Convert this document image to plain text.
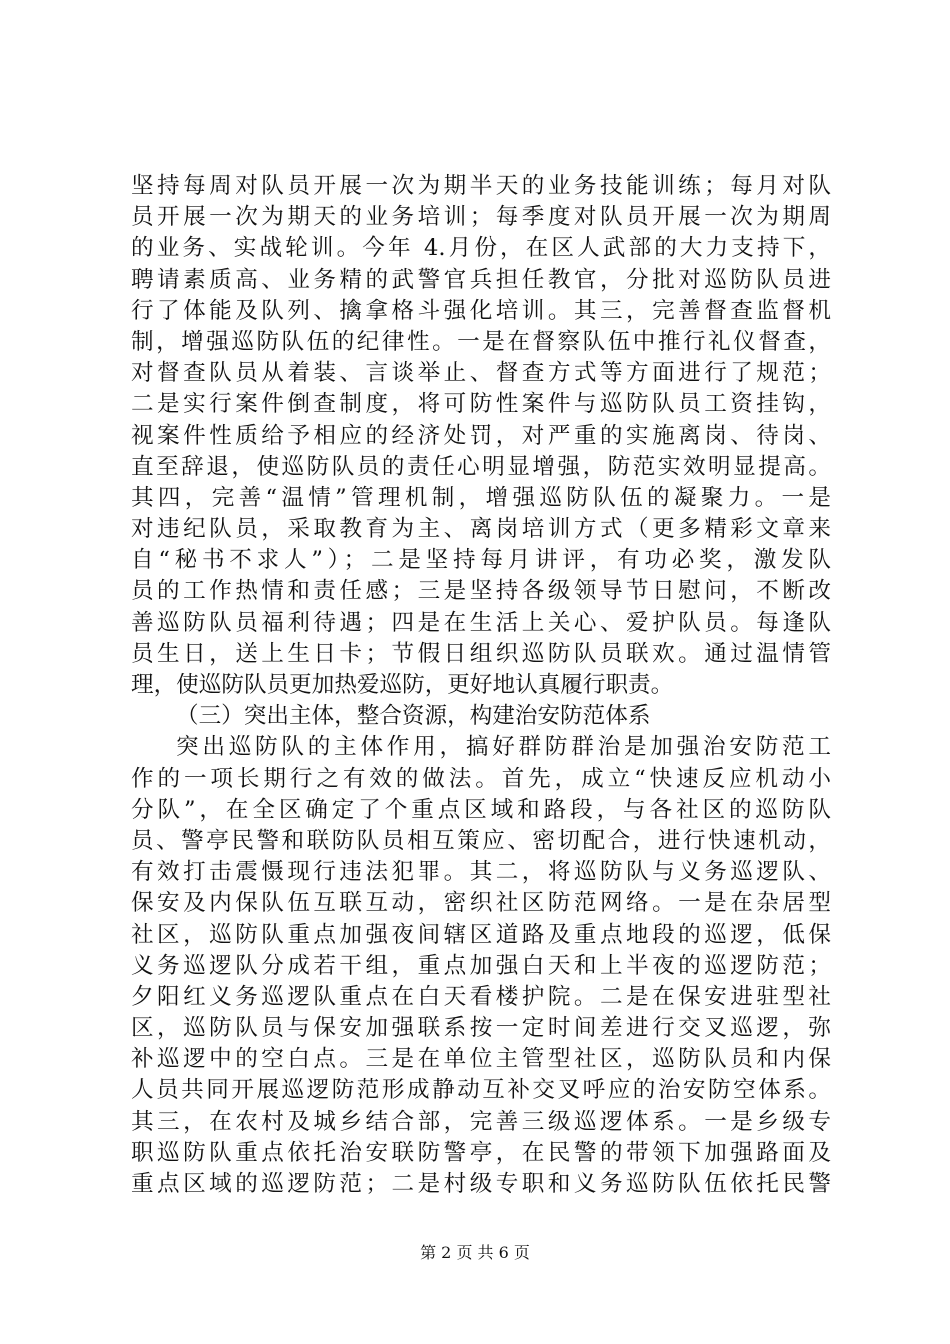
坚持每周对队员开展一次为期半天的业务技能训练；每月对队
员开展一次为期天的业务培训；每季度对队员开展一次为期周
的业务、实战轮训。今年 4.月份，在区人武部的大力支持下，
聘请素质高、业务精的武警官兵担任教官，分批对巡防队员进
行了体能及队列、擒拿格斗强化培训。其三，完善督查监督机
制，增强巡防队伍的纪律性。一是在督察队伍中推行礼仪督查，
对督查队员从着装、言谈举止、督查方式等方面进行了规范；
二是实行案件倒查制度，将可防性案件与巡防队员工资挂钩，
视案件性质给予相应的经济处罚，对严重的实施离岗、待岗、
直至辞退，使巡防队员的责任心明显增强，防范实效明显提高。
其四，完善“温情”管理机制，增强巡防队伍的凝聚力。一是
对违纪队员，采取教育为主、离岗培训方式（更多精彩文章来
自“秘书不求人”）；二是坚持每月讲评，有功必奖，激发队
员的工作热情和责任感；三是坚持各级领导节日慰问，不断改
善巡防队员福利待遇；四是在生活上关心、爱护队员。每逢队
员生日，送上生日卡；节假日组织巡防队员联欢。通过温情管
理，使巡防队员更加热爱巡防，更好地认真履行职责。
（三）突出主体，整合资源，构建治安防范体系
突出巡防队的主体作用，搞好群防群治是加强治安防范工
作的一项长期行之有效的做法。首先，成立“快速反应机动小
分队”，在全区确定了个重点区域和路段，与各社区的巡防队
员、警亭民警和联防队员相互策应、密切配合，进行快速机动，
有效打击震慑现行违法犯罪。其二，将巡防队与义务巡逻队、
保安及内保队伍互联互动，密织社区防范网络。一是在杂居型
社区，巡防队重点加强夜间辖区道路及重点地段的巡逻，低保
义务巡逻队分成若干组，重点加强白天和上半夜的巡逻防范；
夕阳红义务巡逻队重点在白天看楼护院。二是在保安进驻型社
区，巡防队员与保安加强联系按一定时间差进行交叉巡逻，弥
补巡逻中的空白点。三是在单位主管型社区，巡防队员和内保
人员共同开展巡逻防范形成静动互补交叉呼应的治安防空体系。
其三，在农村及城乡结合部，完善三级巡逻体系。一是乡级专
职巡防队重点依托治安联防警亭，在民警的带领下加强路面及
重点区域的巡逻防范；二是村级专职和义务巡防队伍依托民警
第 2 页 共 6 页
